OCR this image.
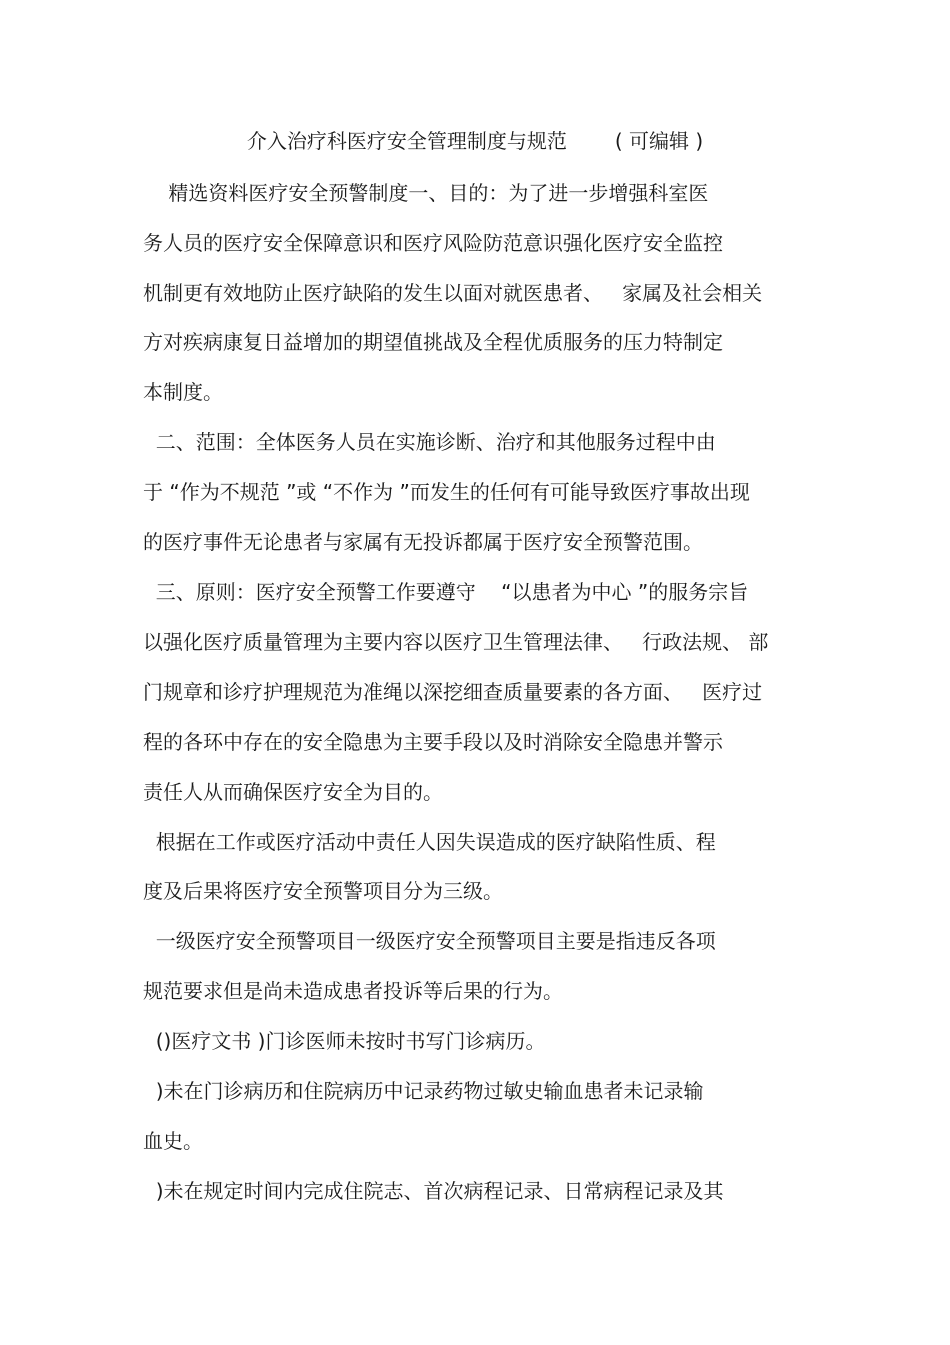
介入治疗科医疗安全管理制度与规范 ( 可编辑 )
精选资料医疗安全预警制度一、目的：为了进一步增强科室医
务人员的医疗安全保障意识和医疗风险防范意识强化医疗安全监控
机制更有效地防止医疗缺陷的发生以面对就医患者、   家属及社会相关
方对疾病康复日益增加的期望值挑战及全程优质服务的压力特制定
本制度。
二、范围：全体医务人员在实施诊断、治疗和其他服务过程中由
于 “作为不规范 ”或 “不作为 ”而发生的任何有可能导致医疗事故出现
的医疗事件无论患者与家属有无投诉都属于医疗安全预警范围。
三、原则：医疗安全预警工作要遵守    “以患者为中心 ”的服务宗旨
以强化医疗质量管理为主要内容以医疗卫生管理法律、   行政法规、 部
门规章和诊疗护理规范为准绳以深挖细查质量要素的各方面、   医疗过
程的各环中存在的安全隐患为主要手段以及时消除安全隐患并警示
责任人从而确保医疗安全为目的。
根据在工作或医疗活动中责任人因失误造成的医疗缺陷性质、程
度及后果将医疗安全预警项目分为三级。
一级医疗安全预警项目一级医疗安全预警项目主要是指违反各项
规范要求但是尚未造成患者投诉等后果的行为。
()医疗文书 )门诊医师未按时书写门诊病历。
)未在门诊病历和住院病历中记录药物过敏史输血患者未记录输
血史。
)未在规定时间内完成住院志、首次病程记录、日常病程记录及其
